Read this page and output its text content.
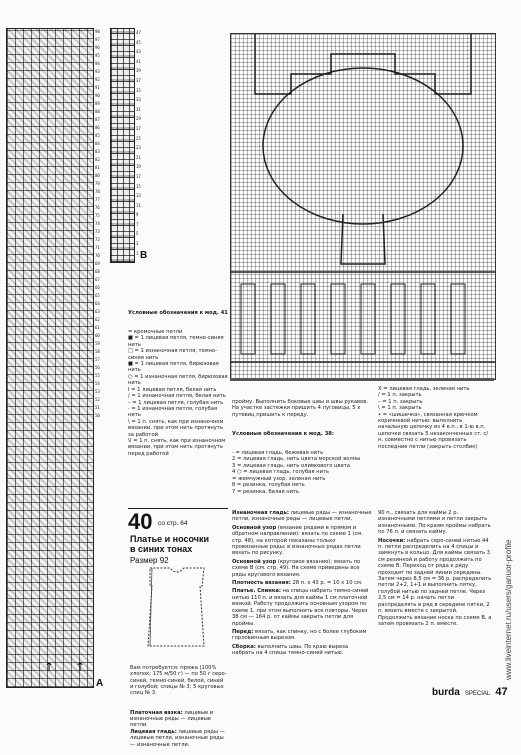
98
97
96
95
94
93
92
91
90
89
88
87
86
85
84
83
82
81
80
79
78
77
76
75
74
73
72
71
70
69
68
67
66
65
64
63
62
61
60
59
58
57
56
55
54
53
52
51
50
A
↑ ↑
47
45
43
41
39
37
35
33
31
29
27
25
23
21
19
17
15
13
11
9
7
5
3
1 B

Условные обозначения к мод. 41

= кромочные петли
■ = 1 лицевая петля, темно-синяя нить
□ = 1 изнаночная петля, темно-синяя нить
■ = 1 лицевая петля, бирюзовая нить
○ = 1 изнаночная петля, бирюзовая нить
I = 1 лицевая петля, белая нить
/ = 1 изнаночная петля, белая нить
– = 1 лицевая петля, голубая нить
· = 1 изнаночная петля, голубая нить
\ = 1 п. снять, как при изнаночном вязании, при этом нить протянуть за работой
V = 1 п. снять, как при изнаночном вязании, при этом нить протянуть перед работой

пройму. Выполнить боковые швы и швы рукавов. На участке застежки пришить 4 пуговицы, 5 х путевиц пришить к переду.

Условные обозначения к мод. 38:

- = лицевая гладь, бежевая нить
2 = лицевая гладь, нить цвета морской волны
3 = лицевая гладь, нить оливкового цвета
4 ○ = лицевая гладь, голубая нить
= жемчужный узор, зеленая нить
б = резинка, голубая нить
7 = резинка, белая нить

X = лицевая гладь, зеленая нить
/ = 1 п. закрыть
– = 1 п. закрыть
\ = 1 п. закрыть
• = «шишечка», связанная крючком коричневой нитью: выполнить начальную цепочку из 4 в.п., в 1-ю в.п. цепочки связать 5 незаконченных ст. с/н, совместно с нитью провязать последние петли (закрыть столбик)
40 со стр. 64
Платье и носочки
в синих тонах
Размер 92

Вам потребуется: пряжа (100% хлопок; 175 м/50 г) — по 50 г серо-синей, темно-синей, белой, синей и голубой; спицы № 3; 5 круговых спиц № 3.

Платочная вязка: лицевые и изнаночные ряды — лицевые петли.
Лицевая гладь: лицевые ряды — лицевые петли, изнаночные ряды — изнаночные петли.

Изнаночная гладь: лицевые ряды — изнаночные петли, изнаночные ряды — лицевые петли.
Основной узор (вязание рядами в прямом и обратном направлении): вязать по схеме 1 (см. стр. 48), на которой показаны только провязанные ряды; в изнаночных рядах петли вязать по рисунку.
Основной узор (круговое вязание): вязать по схеме В (см. стр. 49). На схеме приведены все ряды кругового вязания.
Плотность вязания: 28 п. x 43 р. = 10 x 10 см.
Платье. Спинка: на спицы набрать темно-синей нитью 110 п. и вязать для каймы 1 см платочной вязкой. Работу продолжить основным узором по схеме 1, при этом выполнить все повторы. Через 38 см — 164 р. от каймы закрыть петли для проймы.
Перед: вязать, как спинку, но с более глубоким горловинным вырезом.
Сборка: выполнить швы. По краю выреза набрать на 4 спицы темно-синей нитью.
90 п., связать для каймы 2 р. изнаночными петлями и петли закрыть изнаночными. По краям проймы набрать по 76 п. и связать кайму.
Носочки: набрать серо-синей нитью 44 п. петли распределить на 4 спицы и замкнуть в кольцо. Для каймы связать 3 см резинкой и работу продолжить по схеме В. Переход от ряда к ряду проходит по задней линии середины. Затем через 8,5 см = 36 р. распределить петли 2+2, 1+1 и выполнить пятку, голубой нитью по задней петле. Через 2,5 см = 14 р. начать петли распределять в ряд в середине пятки, 2 п. вязать вместе с закрытой. Продолжить вязание носка по схеме В, а затем провязать 2 п. вместе.	www.liveinternet.ru/users/ganuor-profile
burda SPECIAL 47
